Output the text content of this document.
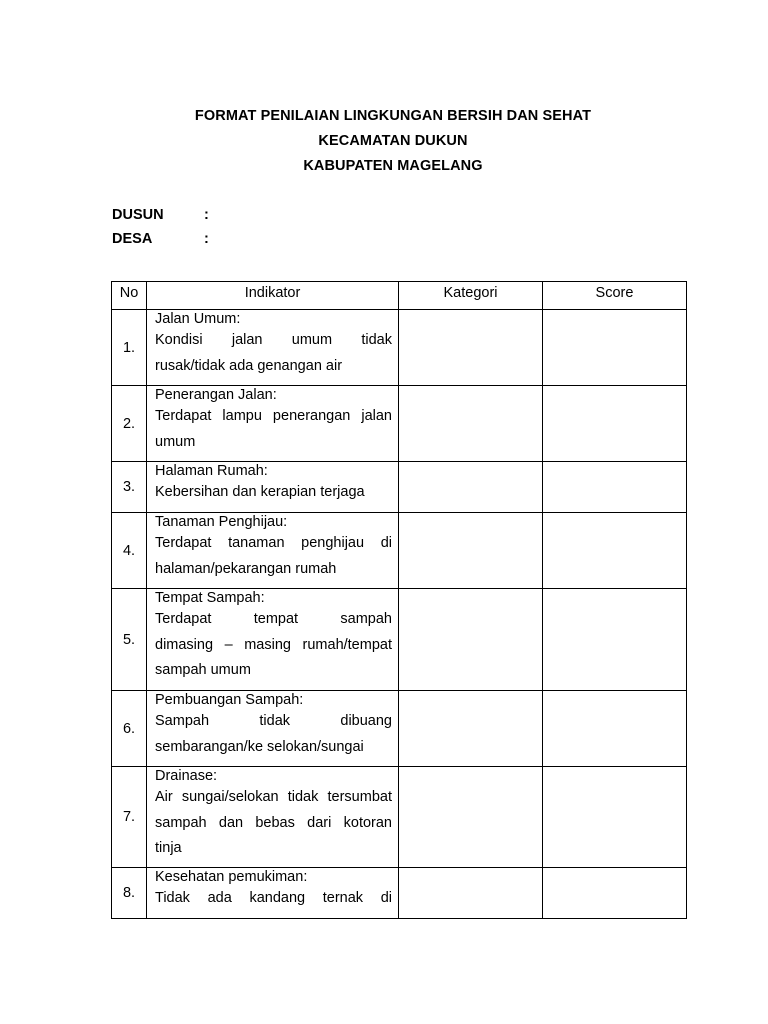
FORMAT PENILAIAN LINGKUNGAN BERSIH DAN SEHAT
KECAMATAN DUKUN
KABUPATEN MAGELANG
DUSUN	:
DESA	:
No	Indikator	Kategori	Score
1.	Jalan Umum:
Kondisi jalan umum tidak
rusak/tidak ada genangan air		

2.	Penerangan Jalan:
Terdapat lampu penerangan jalan
umum		

3.	Halaman Rumah:
Kebersihan dan kerapian terjaga		

4.	Tanaman Penghijau:
Terdapat tanaman penghijau di
halaman/pekarangan rumah		

5.	Tempat Sampah:
Terdapat tempat sampah
dimasing – masing rumah/tempat
sampah umum		

6.	Pembuangan Sampah:
Sampah tidak dibuang
sembarangan/ke selokan/sungai		

7.	Drainase:
Air sungai/selokan tidak tersumbat
sampah dan bebas dari kotoran
tinja		

8.	Kesehatan pemukiman:
Tidak ada kandang ternak di		
